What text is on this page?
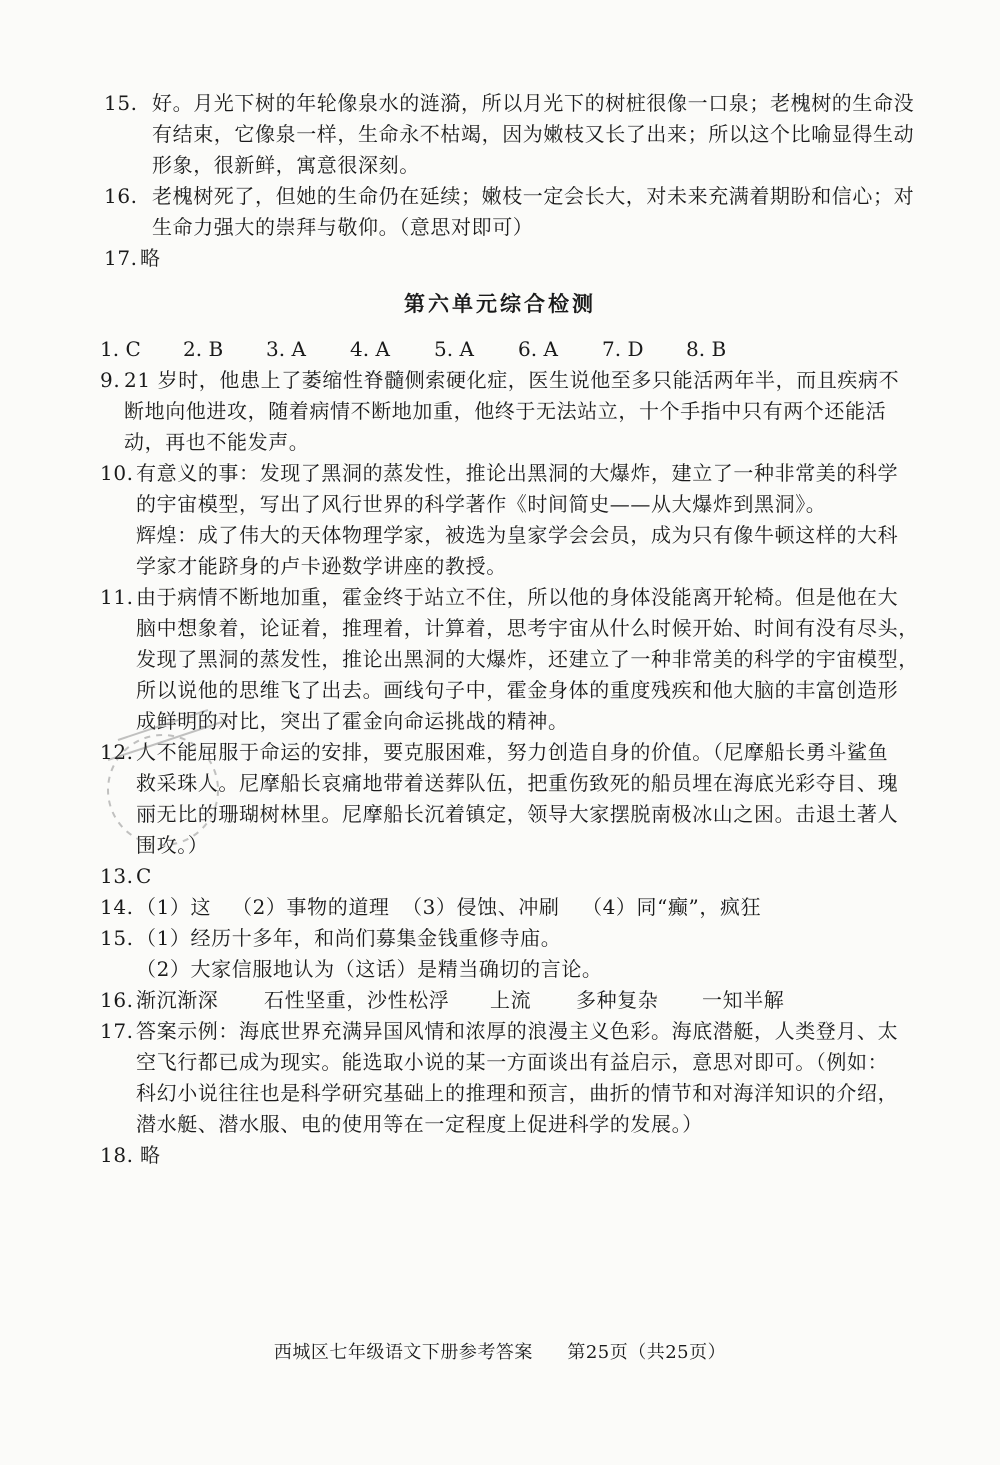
15. 好。月光下树的年轮像泉水的涟漪，所以月光下的树桩很像一口泉；老槐树的生命没
有结束，它像泉一样，生命永不枯竭，因为嫩枝又长了出来；所以这个比喻显得生动
形象，很新鲜，寓意很深刻。
16. 老槐树死了，但她的生命仍在延续；嫩枝一定会长大，对未来充满着期盼和信心；对
生命力强大的崇拜与敬仰。（意思对即可）
17. 略
第六单元综合检测
1. C 2. B 3. A 4. A 5. A 6. A 7. D 8. B
9. 21 岁时，他患上了萎缩性脊髓侧索硬化症，医生说他至多只能活两年半，而且疾病不
断地向他进攻，随着病情不断地加重，他终于无法站立，十个手指中只有两个还能活
动，再也不能发声。
10. 有意义的事：发现了黑洞的蒸发性，推论出黑洞的大爆炸，建立了一种非常美的科学
的宇宙模型，写出了风行世界的科学著作《时间简史——从大爆炸到黑洞》。
辉煌：成了伟大的天体物理学家，被选为皇家学会会员，成为只有像牛顿这样的大科
学家才能跻身的卢卡逊数学讲座的教授。
11. 由于病情不断地加重，霍金终于站立不住，所以他的身体没能离开轮椅。但是他在大
脑中想象着，论证着，推理着，计算着，思考宇宙从什么时候开始、时间有没有尽头，
发现了黑洞的蒸发性，推论出黑洞的大爆炸，还建立了一种非常美的科学的宇宙模型，
所以说他的思维飞了出去。画线句子中，霍金身体的重度残疾和他大脑的丰富创造形
成鲜明的对比，突出了霍金向命运挑战的精神。
12. 人不能屈服于命运的安排，要克服困难，努力创造自身的价值。（尼摩船长勇斗鲨鱼
救采珠人。尼摩船长哀痛地带着送葬队伍，把重伤致死的船员埋在海底光彩夺目、瑰
丽无比的珊瑚树林里。尼摩船长沉着镇定，领导大家摆脱南极冰山之困。击退土著人
围攻。）
13. C
14. （1）这 （2）事物的道理 （3）侵蚀、冲刷 （4）同“癫”，疯狂
15. （1）经历十多年，和尚们募集金钱重修寺庙。
（2）大家信服地认为（这话）是精当确切的言论。
16. 渐沉渐深 石性坚重，沙性松浮 上流 多种复杂 一知半解
17. 答案示例：海底世界充满异国风情和浓厚的浪漫主义色彩。海底潜艇，人类登月、太
空飞行都已成为现实。能选取小说的某一方面谈出有益启示，意思对即可。（例如：
科幻小说往往也是科学研究基础上的推理和预言，曲折的情节和对海洋知识的介绍，
潜水艇、潜水服、电的使用等在一定程度上促进科学的发展。）
18. 略
西城区七年级语文下册参考答案 第25页（共25页）
